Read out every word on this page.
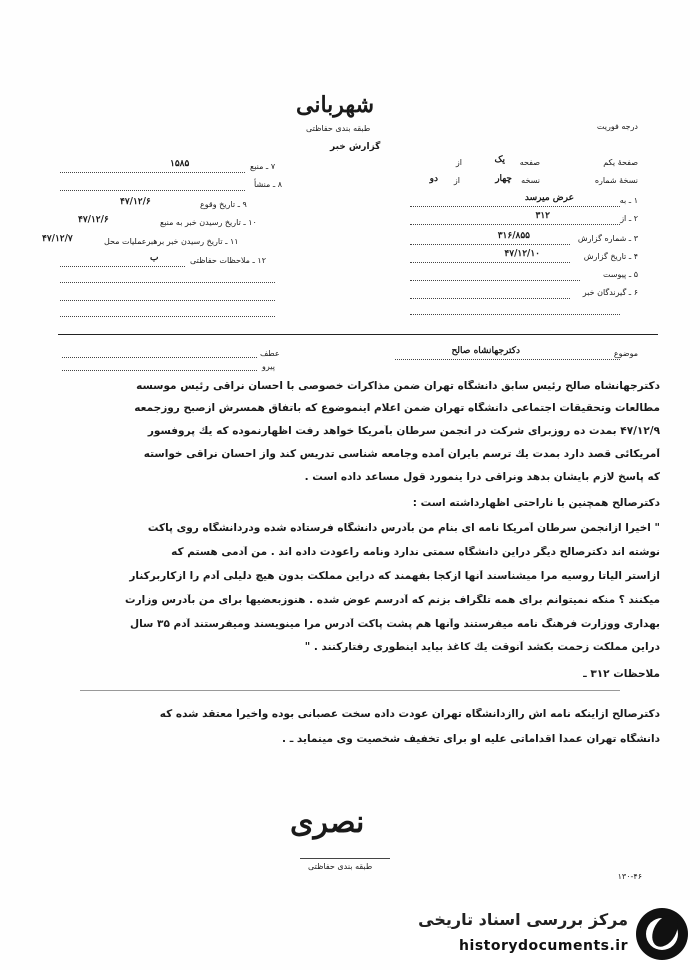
شهربانی
طبقه بندی حفاظتی
گزارش خبر
درجه فوریت
صفحهٔ یکم
از	یک صفحه
نسخهٔ شماره
دو از	چهار نسخه
۱ ـ به
عرض میرسد
۲ ـ از
۳۱۲
۳ ـ شماره گزارش
۳۱۶/۸۵۵
۴ ـ تاریخ گزارش
۴۷/۱۲/۱۰
۵ ـ پیوست
۶ ـ گیرندگان خبر
۷ ـ منبع
۱۵۸۵
۸ ـ منشأ
۹ ـ تاریخ وقوع
۴۷/۱۲/۶
۱۰ ـ تاریخ رسیدن خبر به منبع
۴۷/۱۲/۶
۱۱ ـ تاریخ رسیدن خبر برهبرعملیات محل
۴۷/۱۲/۷
۱۲ ـ ملاحظات حفاظتی
ب
موضوع
دکترجهانشاه صالح
عطف
پیرو
دکترجهانشاه صالح رئیس سابق دانشگاه تهران ضمن مذاکرات خصوصی با احسان نراقی رئیس موسسه
مطالعات وتحقیقات اجتماعی دانشگاه تهران ضمن اعلام اینموضوع که باتفاق همسرش ازصبح روزجمعه
۴۷/۱۲/۹ بمدت ده روزبرای شرکت در انجمن سرطان بآمریکا خواهد رفت اظهارنموده که یك پروفسور
آمریکائی قصد دارد بمدت یك ترسم بایران آمده وجامعه شناسی تدریس کند واز احسان نراقی خواسته
که پاسخ لازم بایشان بدهد ونراقی درا ینمورد قول مساعد داده است .
دکترصالح همچنین با ناراحتی اظهارداشته است :
" اخیرا ازانجمن سرطان آمریکا نامه ای بنام من بآدرس دانشگاه فرستاده شده ودردانشگاه روی پاکت
نوشته اند دکترصالح دیگر دراین دانشگاه سمتی ندارد ونامه راعودت داده اند . من آدمی هستم که
ازاستر الیاتا روسیه مرا میشناسند آنها ازکجا بفهمند که دراین مملکت بدون هیچ دلیلی آدم را ازکاربرکنار
میکنند ؟ منکه نمیتوانم برای همه تلگراف بزنم که آدرسم عوض شده . هنوزبعضیها برای من بآدرس وزارت
بهداری ووزارت فرهنگ نامه میفرستند وآنها هم پشت پاکت آدرس مرا مینویسند ومیفرستند آدم ۳۵ سال
دراین مملکت زحمت بکشد آنوقت یك کاغذ بیاید اینطوری رفتارکنند . "
ملاحظات ۳۱۲ ـ
دکترصالح ازاینکه نامه اش راازدانشگاه تهران عودت داده سخت عصبانی بوده واخیراً معتقد شده که
دانشگاه تهران عمداً اقداماتی علیه او برای تخفیف شخصیت وی مینماید ـ .
نصری
طبقه بندی حفاظتی
۱۳۰-۴۶
مرکز بررسی اسناد تاریخی
historydocuments.ir
